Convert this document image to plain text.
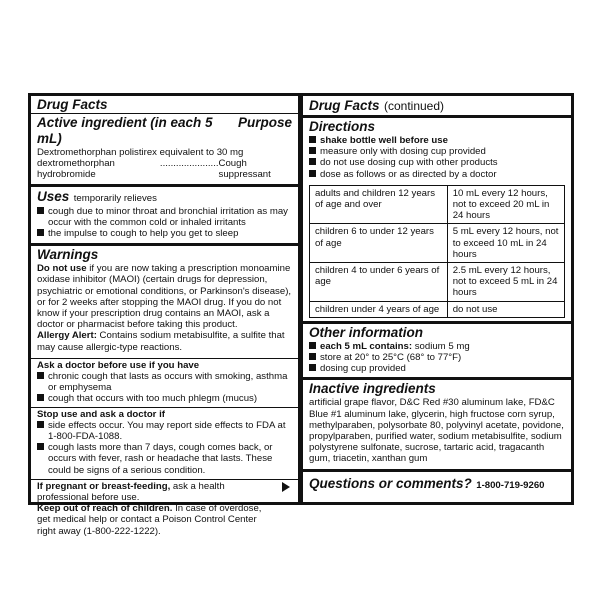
Drug Facts
Active ingredient (in each 5 mL)
Purpose
Dextromethorphan polistirex equivalent to 30 mg
dextromethorphan hydrobromide
...................... Cough suppressant
Uses temporarily relieves
cough due to minor throat and bronchial irritation as may occur with the common cold or inhaled irritants
the impulse to cough to help you get to sleep
Warnings
Do not use if you are now taking a prescription monoamine oxidase inhibitor (MAOI) (certain drugs for depression, psychiatric or emotional conditions, or Parkinson's disease), or for 2 weeks after stopping the MAOI drug. If you do not know if your prescription drug contains an MAOI, ask a doctor or pharmacist before taking this product.
Allergy Alert: Contains sodium metabisulfite, a sulfite that may cause allergic-type reactions.
Ask a doctor before use if you have
chronic cough that lasts as occurs with smoking, asthma
or emphysema
cough that occurs with too much phlegm (mucus)
Stop use and ask a doctor if
side effects occur. You may report side effects to FDA at 1-800-FDA-1088.
cough lasts more than 7 days, cough comes back, or occurs with fever, rash or headache that lasts. These could be signs of a serious condition.
If pregnant or breast-feeding, ask a health professional before use.
Keep out of reach of children. In case of overdose, get medical help or contact a Poison Control Center right away (1-800-222-1222).
Drug Facts (continued)
Directions
shake bottle well before use
measure only with dosing cup provided
do not use dosing cup with other products
dose as follows or as directed by a doctor
adults and children 12 years of age and over	10 mL every 12 hours, not to exceed 20 mL in 24 hours
children 6 to under 12 years of age	5 mL every 12 hours, not to exceed 10 mL in 24 hours
children 4 to under 6 years of age	2.5 mL every 12 hours, not to exceed 5 mL in 24 hours
children under 4 years of age	do not use
Other information
each 5 mL contains: sodium 5 mg
store at 20° to 25°C (68° to 77°F)
dosing cup provided
Inactive ingredients
artificial grape flavor, D&C Red #30 aluminum lake, FD&C Blue #1 aluminum lake, glycerin, high fructose corn syrup, methylparaben, polysorbate 80, polyvinyl acetate, povidone, propylparaben, purified water, sodium metabisulfite, sodium polystyrene sulfonate, sucrose, tartaric acid, tragacanth gum, triacetin, xanthan gum
Questions or comments? 1-800-719-9260
